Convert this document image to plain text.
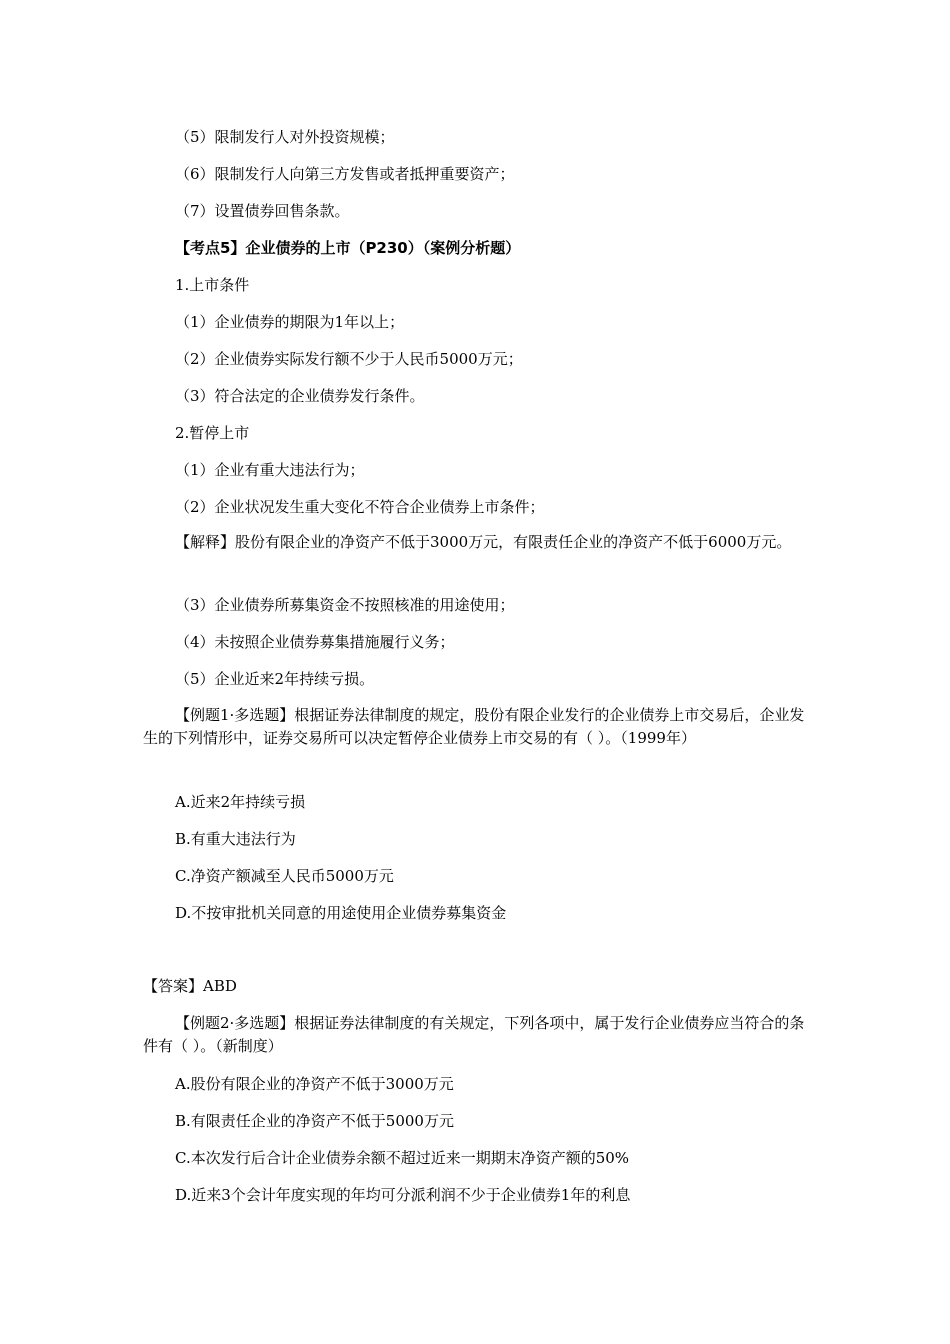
（5）限制发行人对外投资规模；
（6）限制发行人向第三方发售或者抵押重要资产；
（7）设置债券回售条款。
【考点5】企业债券的上市（P230）（案例分析题）
1.上市条件
（1）企业债券的期限为1年以上；
（2）企业债券实际发行额不少于人民币5000万元；
（3）符合法定的企业债券发行条件。
2.暂停上市
（1）企业有重大违法行为；
（2）企业状况发生重大变化不符合企业债券上市条件；
【解释】股份有限企业的净资产不低于3000万元，有限责任企业的净资产不低于6000万元。
（3）企业债券所募集资金不按照核准的用途使用；
（4）未按照企业债券募集措施履行义务；
（5）企业近来2年持续亏损。
【例题1·多选题】根据证券法律制度的规定，股份有限企业发行的企业债券上市交易后，企业发生的下列情形中，证券交易所可以决定暂停企业债券上市交易的有（ ）。（1999年）
A.近来2年持续亏损
B.有重大违法行为
C.净资产额减至人民币5000万元
D.不按审批机关同意的用途使用企业债券募集资金
【答案】ABD
【例题2·多选题】根据证券法律制度的有关规定，下列各项中，属于发行企业债券应当符合的条件有（ ）。（新制度）
A.股份有限企业的净资产不低于3000万元
B.有限责任企业的净资产不低于5000万元
C.本次发行后合计企业债券余额不超过近来一期期末净资产额的50%
D.近来3个会计年度实现的年均可分派利润不少于企业债券1年的利息
